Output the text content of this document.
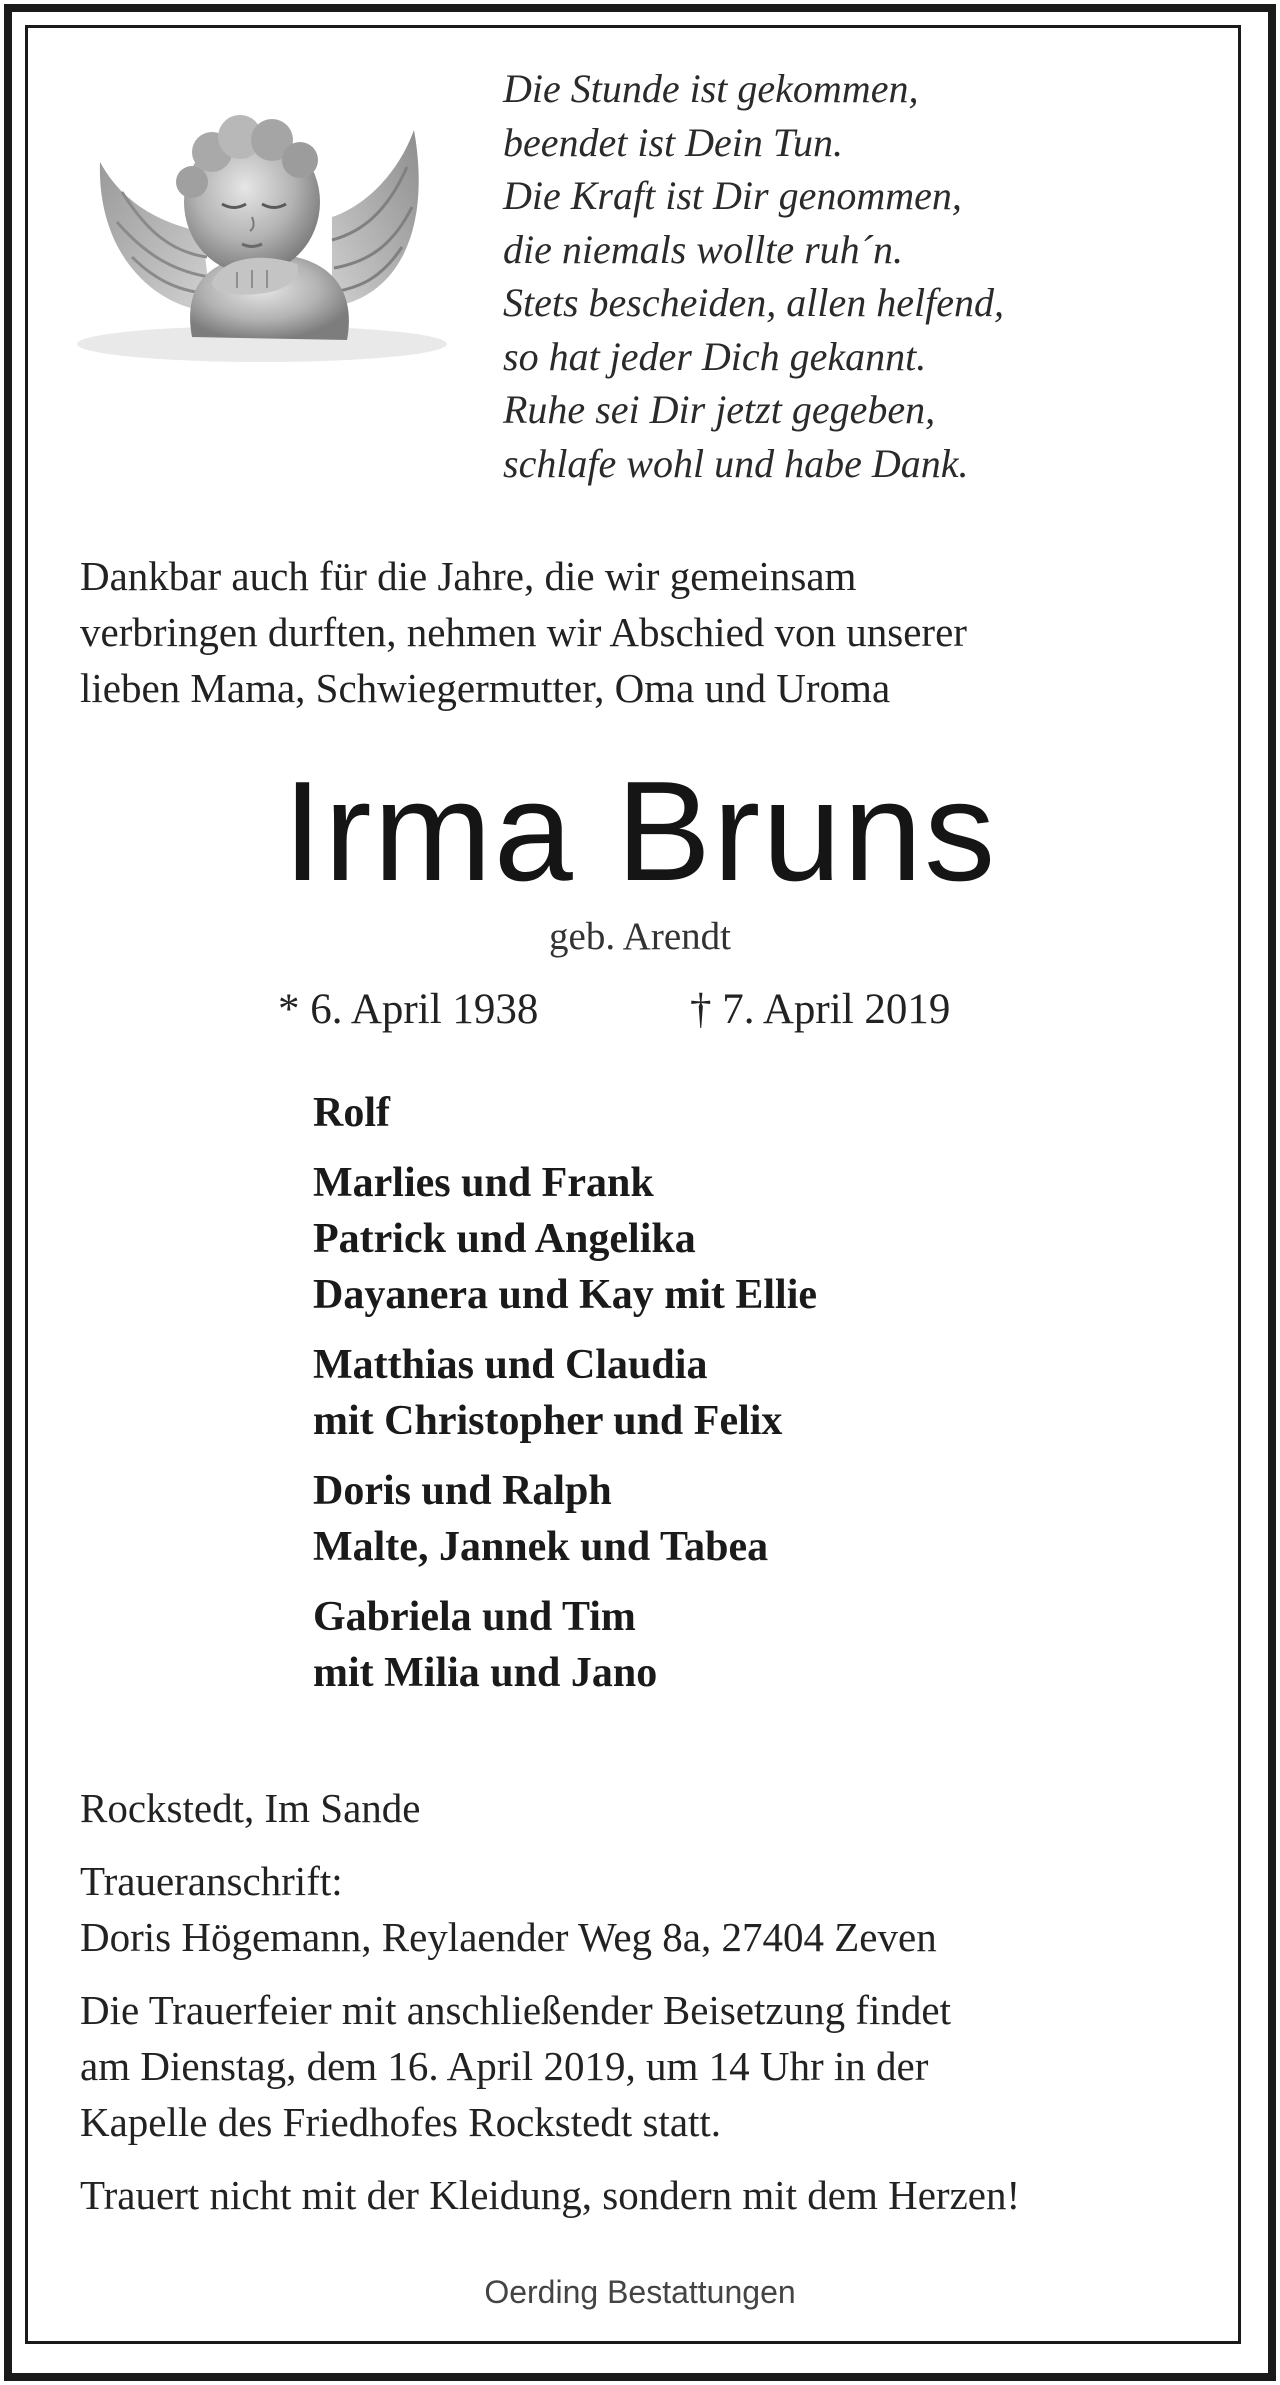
Die Stunde ist gekommen,
beendet ist Dein Tun.
Die Kraft ist Dir genommen,
die niemals wollte ruh´n.
Stets bescheiden, allen helfend,
so hat jeder Dich gekannt.
Ruhe sei Dir jetzt gegeben,
schlafe wohl und habe Dank.
Dankbar auch für die Jahre, die wir gemeinsam
verbringen durften, nehmen wir Abschied von unserer
lieben Mama, Schwiegermutter, Oma und Uroma
Irma Bruns
geb. Arendt
* 6. April 1938	† 7. April 2019
Rolf
Marlies und Frank
Patrick und Angelika
Dayanera und Kay mit Ellie
Matthias und Claudia
mit Christopher und Felix
Doris und Ralph
Malte, Jannek und Tabea
Gabriela und Tim
mit Milia und Jano
Rockstedt, Im Sande
Traueranschrift:
Doris Högemann, Reylaender Weg 8a, 27404 Zeven
Die Trauerfeier mit anschließender Beisetzung findet
am Dienstag, dem 16. April 2019, um 14 Uhr in der
Kapelle des Friedhofes Rockstedt statt.
Trauert nicht mit der Kleidung, sondern mit dem Herzen!
Oerding Bestattungen
